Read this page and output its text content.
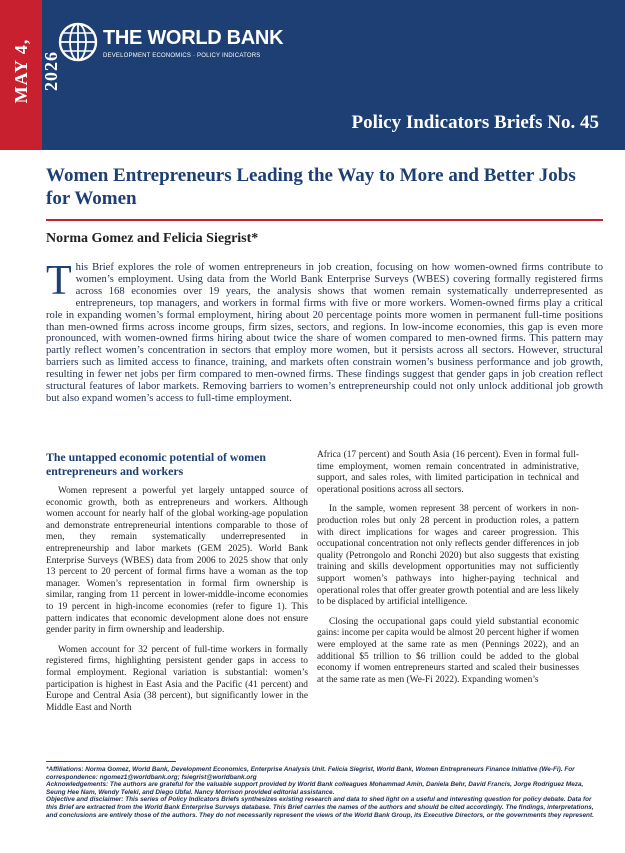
MAY 4, 2026
THE WORLD BANK
DEVELOPMENT ECONOMICS · POLICY INDICATORS
Policy Indicators Briefs No. 45
Women Entrepreneurs Leading the Way to More and Better Jobs for Women

Norma Gomez and Felicia Siegrist*

This Brief explores the role of women entrepreneurs in job creation, focusing on how women-owned firms contribute to women’s employment. Using data from the World Bank Enterprise Surveys (WBES) covering formally registered firms across 168 economies over 19 years, the analysis shows that women remain systematically underrepresented as entrepreneurs, top managers, and workers in formal firms with five or more workers. Women-owned firms play a critical role in expanding women’s formal employment, hiring about 20 percentage points more women in permanent full-time positions than men-owned firms across income groups, firm sizes, sectors, and regions. In low-income economies, this gap is even more pronounced, with women-owned firms hiring about twice the share of women compared to men-owned firms. This pattern may partly reflect women’s concentration in sectors that employ more women, but it persists across all sectors. However, structural barriers such as limited access to finance, training, and markets often constrain women’s business performance and job growth, resulting in fewer net jobs per firm compared to men-owned firms. These findings suggest that gender gaps in job creation reflect structural features of labor markets. Removing barriers to women’s entrepreneurship could not only unlock additional job growth but also expand women’s access to full-time employment.

The untapped economic potential of women entrepreneurs and workers

Women represent a powerful yet largely untapped source of economic growth, both as entrepreneurs and workers. Although women account for nearly half of the global working-age population and demonstrate entrepreneurial intentions comparable to those of men, they remain systematically underrepresented in entrepreneurship and labor markets (GEM 2025). World Bank Enterprise Surveys (WBES) data from 2006 to 2025 show that only 13 percent to 20 percent of formal firms have a woman as the top manager. Women’s representation in formal firm ownership is similar, ranging from 11 percent in lower-middle-income economies to 19 percent in high-income economies (refer to figure 1). This pattern indicates that economic development alone does not ensure gender parity in firm ownership and leadership.

Women account for 32 percent of full-time workers in formally registered firms, highlighting persistent gender gaps in access to formal employment. Regional variation is substantial: women’s participation is highest in East Asia and the Pacific (41 percent) and Europe and Central Asia (38 percent), but significantly lower in the Middle East and North

Africa (17 percent) and South Asia (16 percent). Even in formal full-time employment, women remain concentrated in administrative, support, and sales roles, with limited participation in technical and operational positions across all sectors.

In the sample, women represent 38 percent of workers in non-production roles but only 28 percent in production roles, a pattern with direct implications for wages and career progression. This occupational concentration not only reflects gender differences in job quality (Petrongolo and Ronchi 2020) but also suggests that existing training and skills development opportunities may not sufficiently support women’s pathways into higher-paying technical and operational roles that offer greater growth potential and are less likely to be displaced by artificial intelligence.

Closing the occupational gaps could yield substantial economic gains: income per capita would be almost 20 percent higher if women were employed at the same rate as men (Pennings 2022), and an additional $5 trillion to $6 trillion could be added to the global economy if women entrepreneurs started and scaled their businesses at the same rate as men (We-Fi 2022). Expanding women’s

*Affiliations: Norma Gomez, World Bank, Development Economics, Enterprise Analysis Unit. Felicia Siegrist, World Bank, Women Entrepreneurs Finance Initiative (We-Fi). For correspondence: ngomez1@worldbank.org; fsiegrist@worldbank.org

Acknowledgements: The authors are grateful for the valuable support provided by World Bank colleagues Mohammad Amin, Daniela Behr, David Francis, Jorge Rodriguez Meza, Seung Hee Nam, Wendy Teleki, and Diego Ubfal. Nancy Morrison provided editorial assistance.

Objective and disclaimer: This series of Policy Indicators Briefs synthesizes existing research and data to shed light on a useful and interesting question for policy debate. Data for this Brief are extracted from the World Bank Enterprise Surveys database. This Brief carries the names of the authors and should be cited accordingly. The findings, interpretations, and conclusions are entirely those of the authors. They do not necessarily represent the views of the World Bank Group, its Executive Directors, or the governments they represent.
